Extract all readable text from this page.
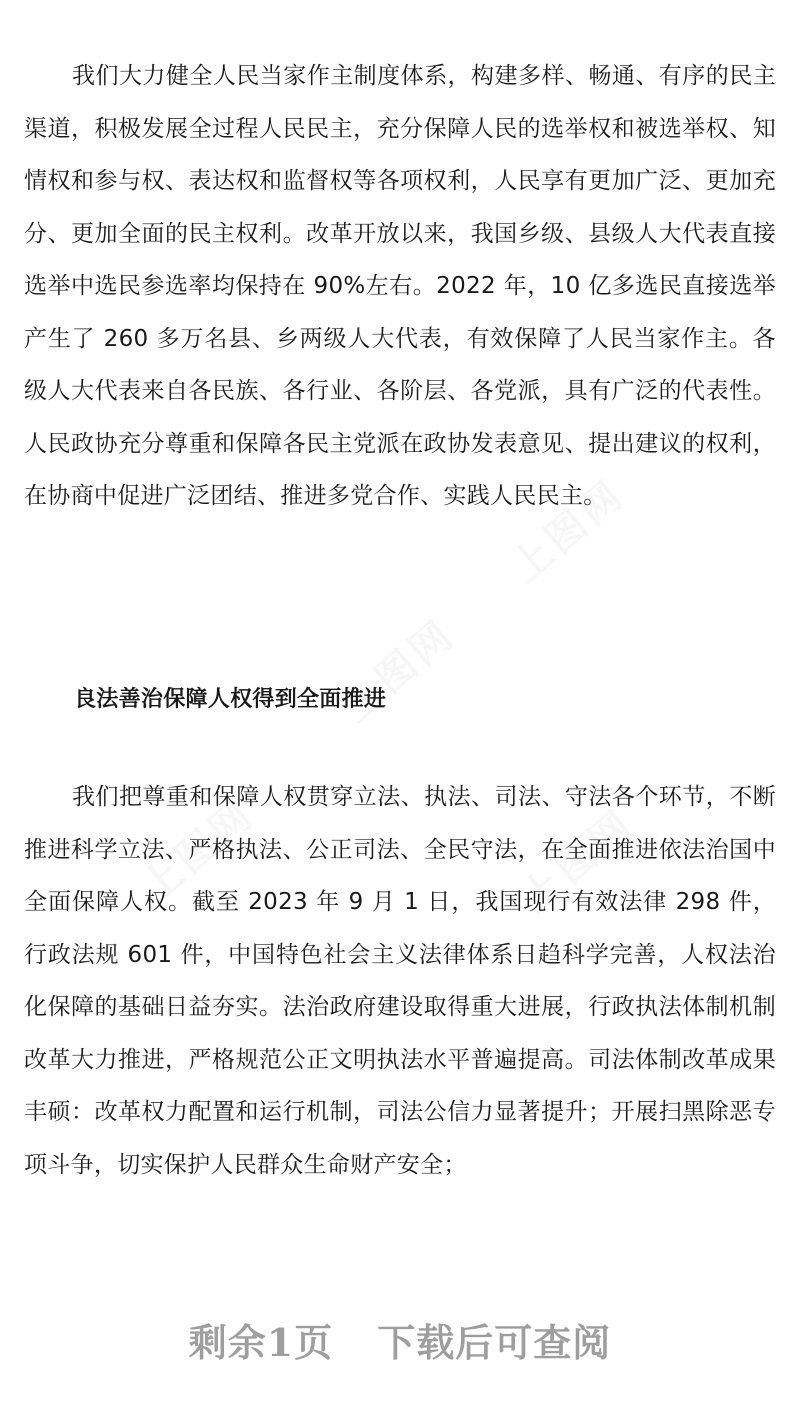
我们大力健全人民当家作主制度体系，构建多样、畅通、有序的民主渠道，积极发展全过程人民民主，充分保障人民的选举权和被选举权、知情权和参与权、表达权和监督权等各项权利，人民享有更加广泛、更加充分、更加全面的民主权利。改革开放以来，我国乡级、县级人大代表直接选举中选民参选率均保持在 90%左右。2022 年，10 亿多选民直接选举产生了 260 多万名县、乡两级人大代表，有效保障了人民当家作主。各级人大代表来自各民族、各行业、各阶层、各党派，具有广泛的代表性。人民政协充分尊重和保障各民主党派在政协发表意见、提出建议的权利，在协商中促进广泛团结、推进多党合作、实践人民民主。

良法善治保障人权得到全面推进

我们把尊重和保障人权贯穿立法、执法、司法、守法各个环节，不断推进科学立法、严格执法、公正司法、全民守法，在全面推进依法治国中全面保障人权。截至 2023 年 9 月 1 日，我国现行有效法律 298 件，行政法规 601 件，中国特色社会主义法律体系日趋科学完善，人权法治化保障的基础日益夯实。法治政府建设取得重大进展，行政执法体制机制改革大力推进，严格规范公正文明执法水平普遍提高。司法体制改革成果丰硕：改革权力配置和运行机制，司法公信力显著提升；开展扫黑除恶专项斗争，切实保护人民群众生命财产安全；

剩余1页 下载后可查阅
